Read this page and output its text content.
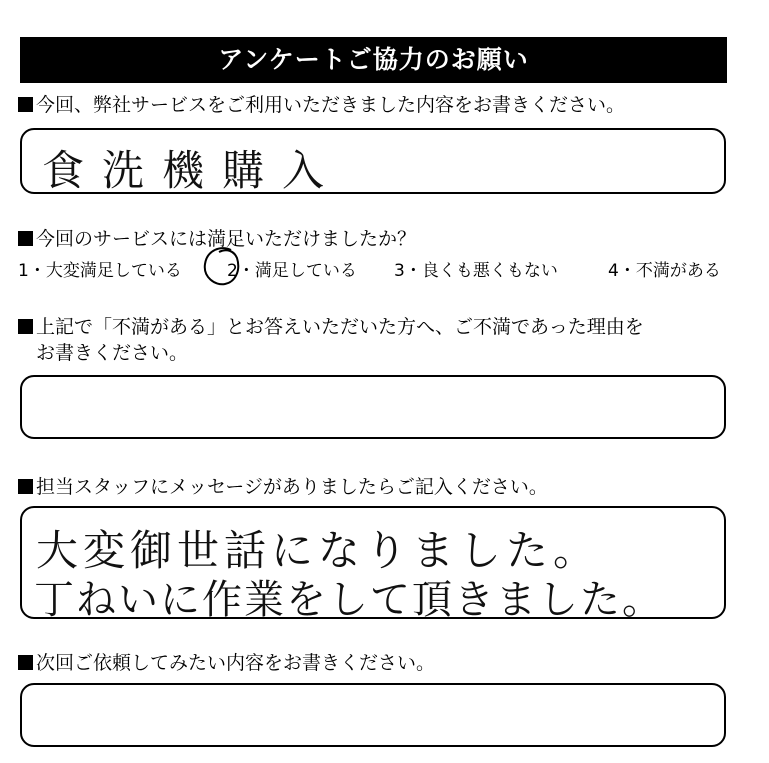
アンケートご協力のお願い
今回、弊社サービスをご利用いただきました内容をお書きください。
食洗機購入
今回のサービスには満足いただけましたか？
1・大変満足している	2・満足している 3・良くも悪くもない	4・不満がある
上記で「不満がある」とお答えいただいた方へ、ご不満であった理由を
お書きください。
担当スタッフにメッセージがありましたらご記入ください。
大変御世話になりました。
丁ねいに作業をして頂きました。
次回ご依頼してみたい内容をお書きください。
